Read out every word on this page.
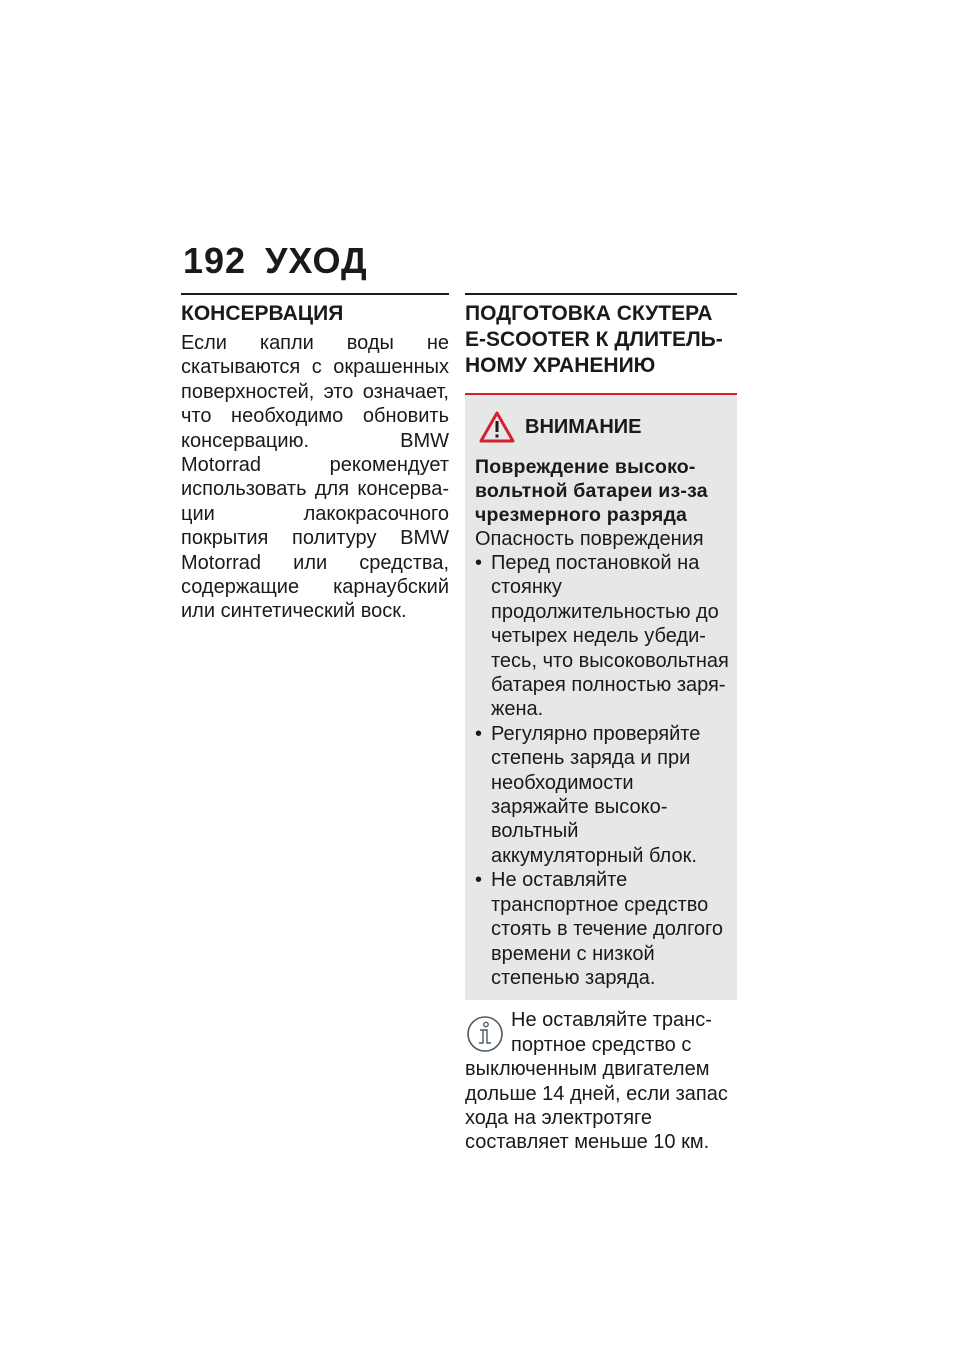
192 УХОД
КОНСЕРВАЦИЯ
Если капли воды не скатываются с окрашенных поверхностей, это означает, что необходимо обновить консервацию. BMW Motorrad рекомендует использовать для консервации лакокрасочного покрытия политуру BMW Motorrad или средства, содержащие карнаубский или синтетический воск.
ПОДГОТОВКА СКУТЕРА E-SCOOTER К ДЛИТЕЛЬНОМУ ХРАНЕНИЮ
ВНИМАНИЕ
Повреждение высоковольтной батареи из-за чрезмерного разряда
Опасность повреждения
• Перед постановкой на стоянку продолжительностью до четырех недель убедитесь, что высоковольтная батарея полностью заряжена.
• Регулярно проверяйте степень заряда и при необходимости заряжайте высоковольтный аккумуляторный блок.
• Не оставляйте транспортное средство стоять в течение долгого времени с низкой степенью заряда.
Не оставляйте транспортное средство с выключенным двигателем дольше 14 дней, если запас хода на электротяге составляет меньше 10 км.
